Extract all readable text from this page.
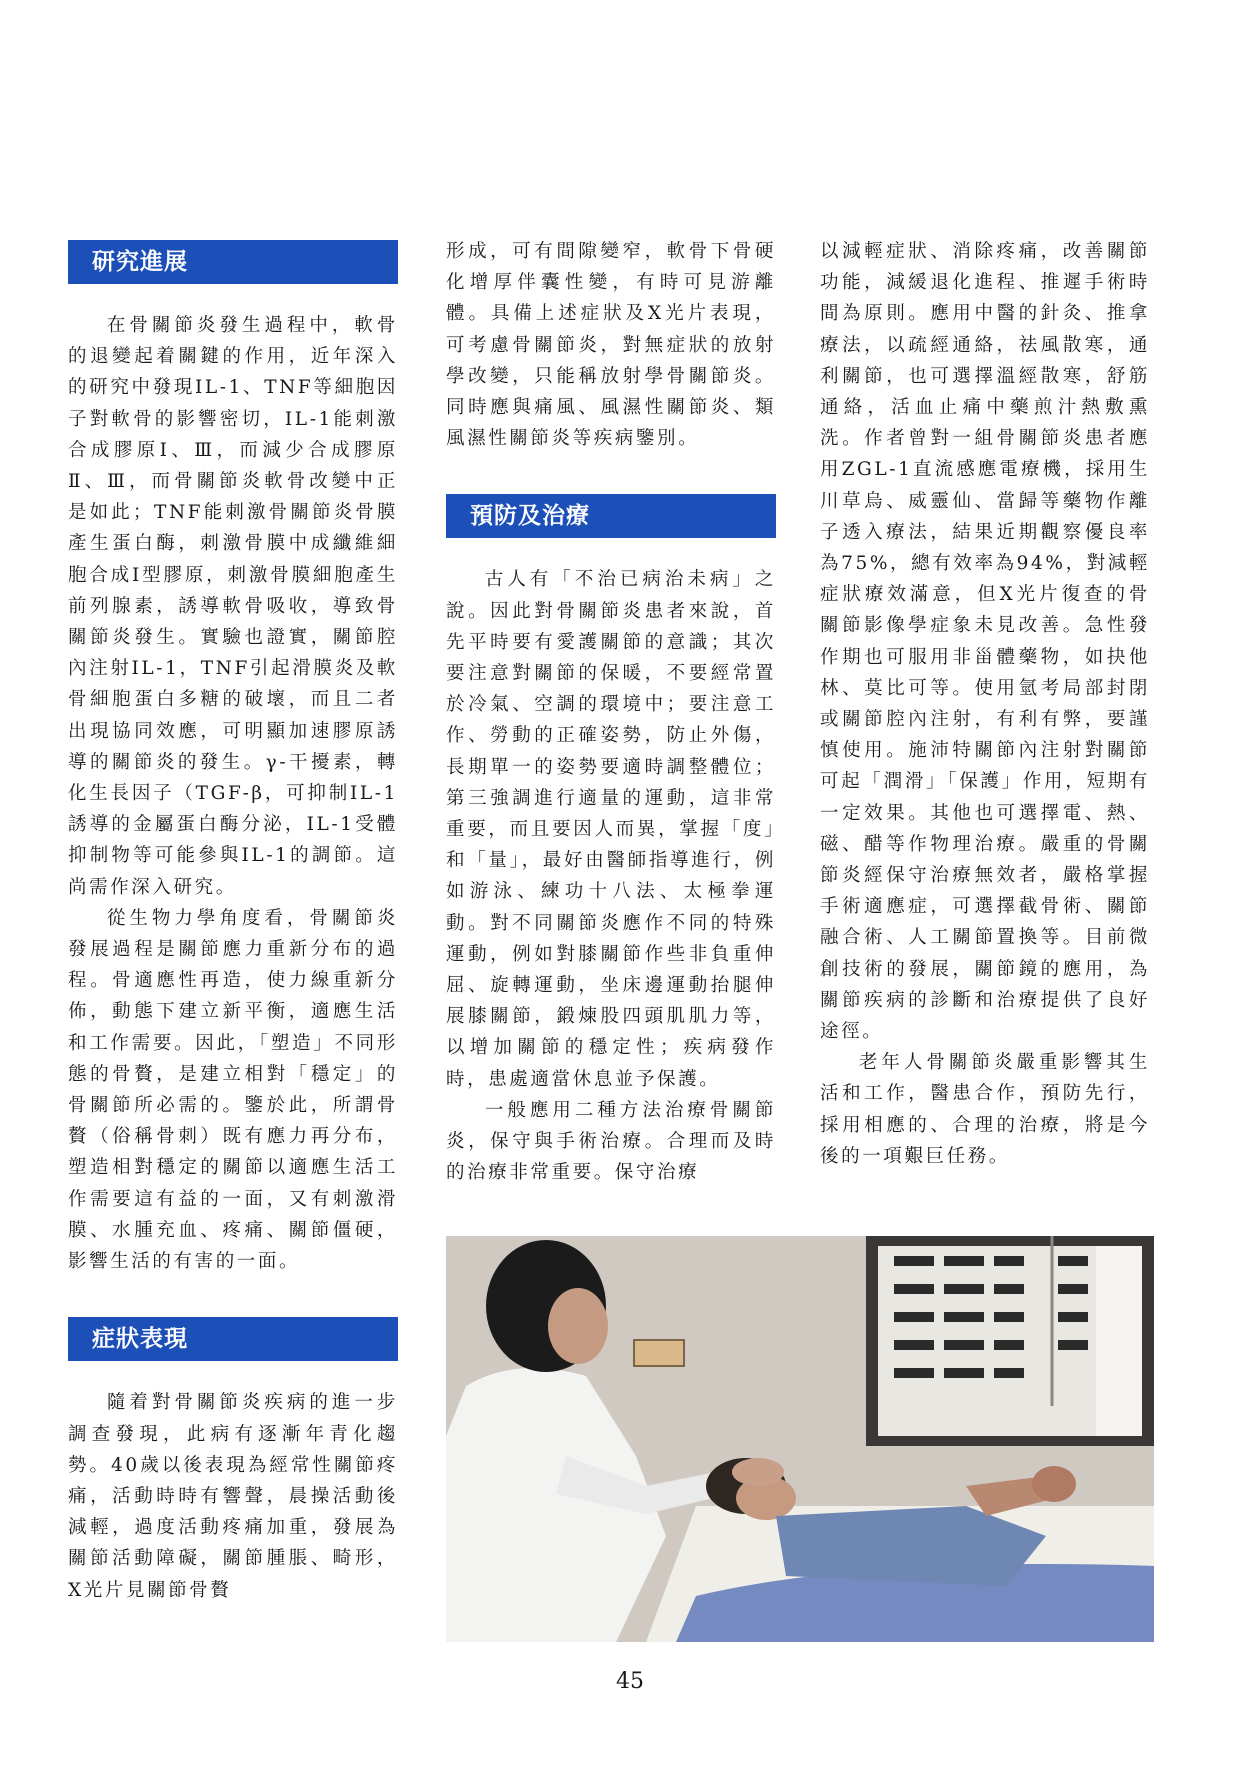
研究進展

在骨關節炎發生過程中，軟骨的退變起着關鍵的作用，近年深入的研究中發現IL-1、TNF等細胞因子對軟骨的影響密切，IL-1能刺激合成膠原Ⅰ、Ⅲ，而減少合成膠原Ⅱ、Ⅲ，而骨關節炎軟骨改變中正是如此；TNF能刺激骨關節炎骨膜產生蛋白酶，刺激骨膜中成纖維細胞合成Ⅰ型膠原，刺激骨膜細胞產生前列腺素，誘導軟骨吸收，導致骨關節炎發生。實驗也證實，關節腔內注射IL-1，TNF引起滑膜炎及軟骨細胞蛋白多糖的破壞，而且二者出現協同效應，可明顯加速膠原誘導的關節炎的發生。γ-干擾素，轉化生長因子（TGF-β，可抑制IL-1誘導的金屬蛋白酶分泌，IL-1受體抑制物等可能參與IL-1的調節。這尚需作深入研究。

從生物力學角度看，骨關節炎發展過程是關節應力重新分布的過程。骨適應性再造，使力線重新分佈，動態下建立新平衡，適應生活和工作需要。因此，「塑造」不同形態的骨贅，是建立相對「穩定」的骨關節所必需的。鑒於此，所謂骨贅（俗稱骨刺）既有應力再分布，塑造相對穩定的關節以適應生活工作需要這有益的一面，又有刺激滑膜、水腫充血、疼痛、關節僵硬，影響生活的有害的一面。

症狀表現

隨着對骨關節炎疾病的進一步調查發現，此病有逐漸年青化趨勢。40歲以後表現為經常性關節疼痛，活動時時有響聲，晨操活動後減輕，過度活動疼痛加重，發展為關節活動障礙，關節腫脹、畸形，X光片見關節骨贅

形成，可有間隙變窄，軟骨下骨硬化增厚伴囊性變，有時可見游離體。具備上述症狀及X光片表現，可考慮骨關節炎，對無症狀的放射學改變，只能稱放射學骨關節炎。同時應與痛風、風濕性關節炎、類風濕性關節炎等疾病鑒別。

預防及治療

古人有「不治已病治未病」之說。因此對骨關節炎患者來說，首先平時要有愛護關節的意識；其次要注意對關節的保暖，不要經常置於冷氣、空調的環境中；要注意工作、勞動的正確姿勢，防止外傷，長期單一的姿勢要適時調整體位；第三強調進行適量的運動，這非常重要，而且要因人而異，掌握「度」和「量」，最好由醫師指導進行，例如游泳、練功十八法、太極拳運動。對不同關節炎應作不同的特殊運動，例如對膝關節作些非負重伸屈、旋轉運動，坐床邊運動抬腿伸展膝關節，鍛煉股四頭肌肌力等，以增加關節的穩定性；疾病發作時，患處適當休息並予保護。

一般應用二種方法治療骨關節炎，保守與手術治療。合理而及時的治療非常重要。保守治療

以減輕症狀、消除疼痛，改善關節功能，減緩退化進程、推遲手術時間為原則。應用中醫的針灸、推拿療法，以疏經通絡，祛風散寒，通利關節，也可選擇溫經散寒，舒筋通絡，活血止痛中藥煎汁熱敷熏洗。作者曾對一組骨關節炎患者應用ZGL-1直流感應電療機，採用生川草烏、威靈仙、當歸等藥物作離子透入療法，結果近期觀察優良率為75%，總有效率為94%，對減輕症狀療效滿意，但X光片復查的骨關節影像學症象未見改善。急性發作期也可服用非甾體藥物，如抉他林、莫比可等。使用氫考局部封閉或關節腔內注射，有利有弊，要謹慎使用。施沛特關節內注射對關節可起「潤滑」「保護」作用，短期有一定效果。其他也可選擇電、熱、磁、醋等作物理治療。嚴重的骨關節炎經保守治療無效者，嚴格掌握手術適應症，可選擇截骨術、關節融合術、人工關節置換等。目前微創技術的發展，關節鏡的應用，為關節疾病的診斷和治療提供了良好途徑。

老年人骨關節炎嚴重影響其生活和工作，醫患合作，預防先行，採用相應的、合理的治療，將是今後的一項艱巨任務。

45
